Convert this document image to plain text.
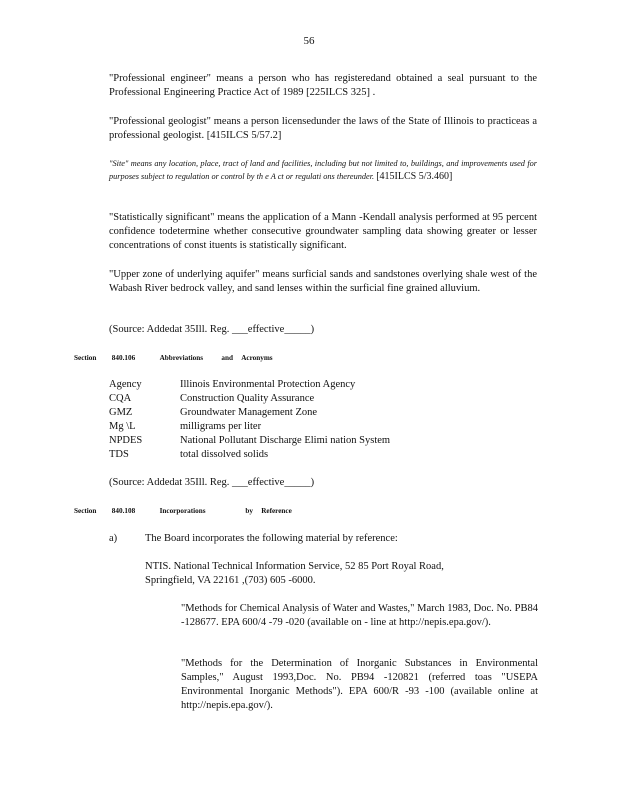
56

"Professional engineer" means a person who has registeredand obtained a seal pursuant to the Professional Engineering Practice Act of 1989 [225ILCS 325] .

"Professional geologist" means a person licensedunder the laws of the State of Illinois to practiceas a professional geologist. [415ILCS 5/57.2]

"Site" means any location, place, tract of land and facilities, including but not limited to, buildings, and improvements used for purposes subject to regulation or control by th e A ct or regulati ons thereunder. [415ILCS 5/3.460]

"Statistically significant" means the application of a Mann -Kendall analysis performed at 95 percent confidence todetermine whether consecutive groundwater sampling data showing greater or lesser concentrations of const ituents is statistically significant.

"Upper zone of underlying aquifer" means surficial sands and sandstones overlying shale west of the Wabash River bedrock valley, and sand lenses within the surficial fine grained alluvium.

(Source: Addedat 35Ill. Reg. ___effective_____)
Section 840.106	Abbreviations	and Acronyms
Agency	Illinois Environmental Protection Agency
CQA	Construction Quality Assurance
GMZ	Groundwater Management Zone
Mg \L	milligrams per liter
NPDES	National Pollutant Discharge Elimi nation System
TDS	total dissolved solids
(Source: Addedat 35Ill. Reg. ___effective_____)
Section 840.108	Incorporations	by Reference
a)	The Board incorporates the following material by reference:
NTIS. National Technical Information Service, 52 85 Port Royal Road,
Springfield, VA 22161 ,(703) 605 -6000.

"Methods for Chemical Analysis of Water and Wastes," March 1983, Doc. No. PB84 -128677. EPA 600/4 -79 -020 (available on - line at http://nepis.epa.gov/).

"Methods for the Determination of Inorganic Substances in Environmental Samples," August 1993,Doc. No. PB94 -120821 (referred toas "USEPA Environmental Inorganic Methods"). EPA 600/R -93 -100 (available online at http://nepis.epa.gov/).
